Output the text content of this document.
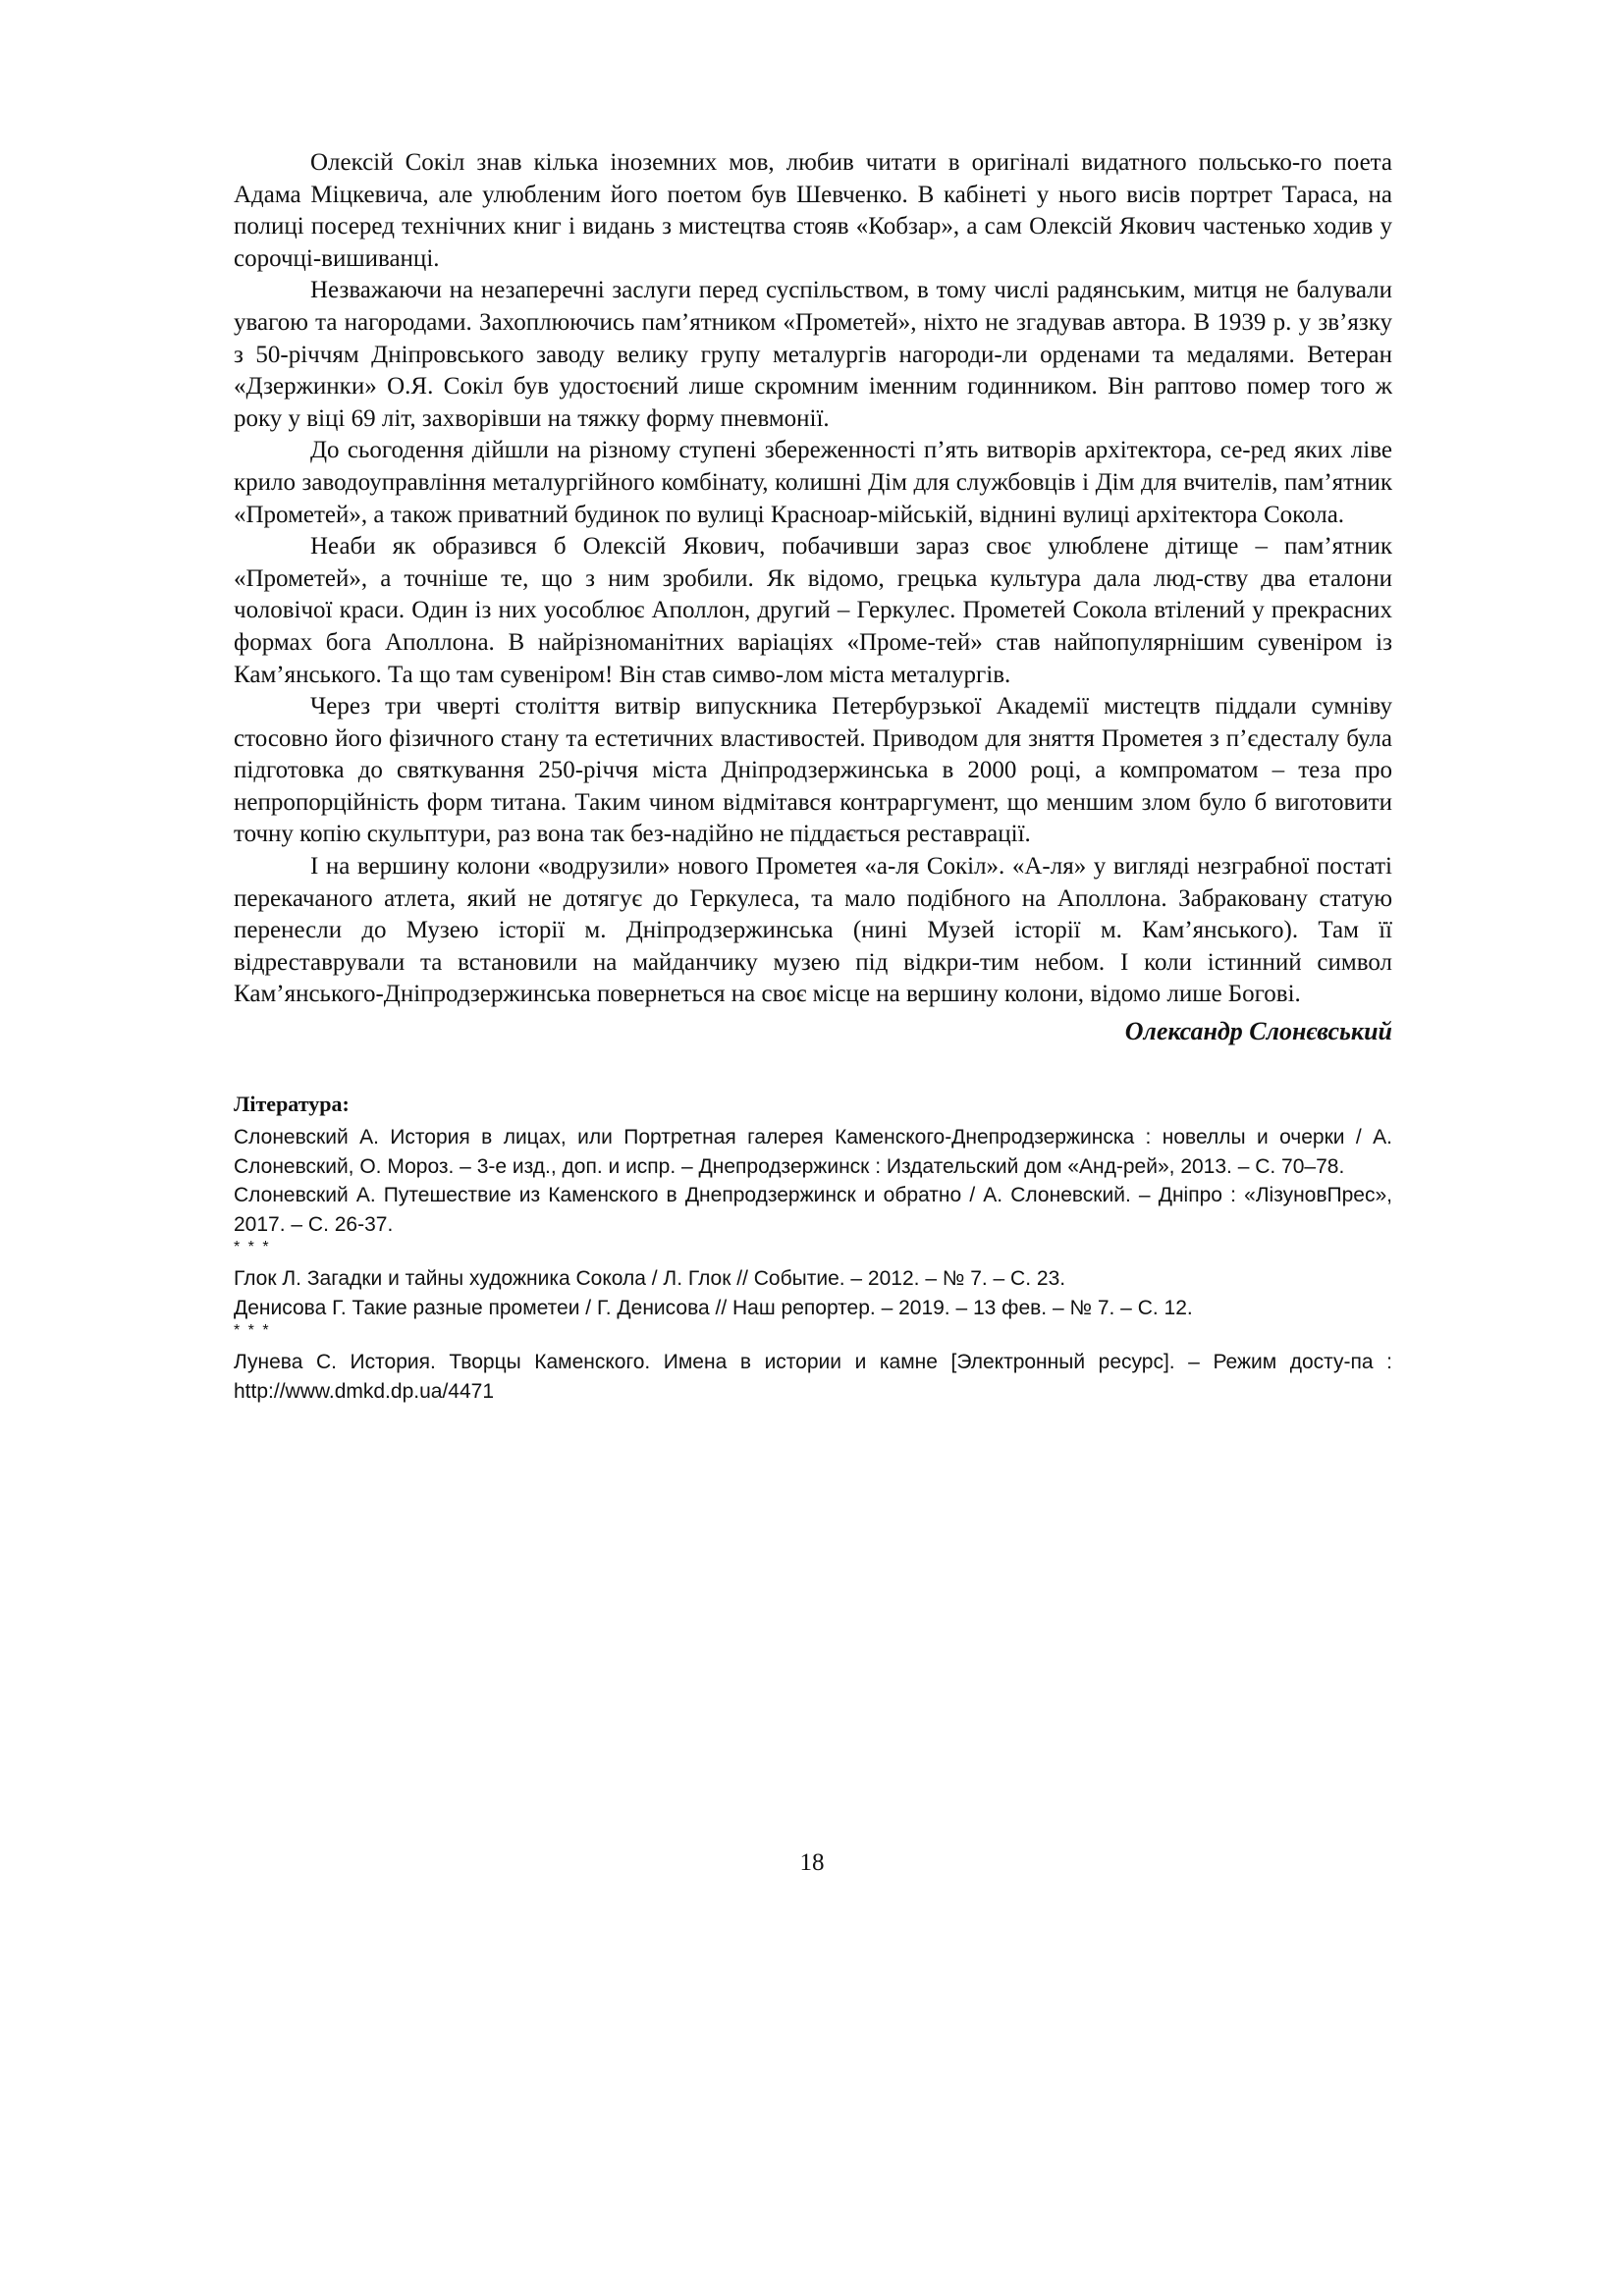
Олексій Сокіл знав кілька іноземних мов, любив читати в оригіналі видатного польсько-го поета Адама Міцкевича, але улюбленим його поетом був Шевченко. В кабінеті у нього висів портрет Тараса, на полиці посеред технічних книг і видань з мистецтва стояв «Кобзар», а сам Олексій Якович частенько ходив у сорочці-вишиванці.

Незважаючи на незаперечні заслуги перед суспільством, в тому числі радянським, митця не балували увагою та нагородами. Захоплюючись пам’ятником «Прометей», ніхто не згадував автора. В 1939 р. у зв’язку з 50-річчям Дніпровського заводу велику групу металургів нагороди-ли орденами та медалями. Ветеран «Дзержинки» О.Я. Сокіл був удостоєний лише скромним іменним годинником. Він раптово помер того ж року у віці 69 літ, захворівши на тяжку форму пневмонії.

До сьогодення дійшли на різному ступені збереженності п’ять витворів архітектора, се-ред яких ліве крило заводоуправління металургійного комбінату, колишні Дім для службовців і Дім для вчителів, пам’ятник «Прометей», а також приватний будинок по вулиці Красноар-мійській, віднині вулиці архітектора Сокола.

Неаби як образився б Олексій Якович, побачивши зараз своє улюблене дітище – пам’ятник «Прометей», а точніше те, що з ним зробили. Як відомо, грецька культура дала люд-ству два еталони чоловічої краси. Один із них уособлює Аполлон, другий – Геркулес. Прометей Сокола втілений у прекрасних формах бога Аполлона. В найрізноманітних варіаціях «Проме-тей» став найпопулярнішим сувеніром із Кам’янського. Та що там сувеніром! Він став симво-лом міста металургів.

Через три чверті століття витвір випускника Петербурзької Академії мистецтв піддали сумніву стосовно його фізичного стану та естетичних властивостей. Приводом для зняття Прометея з п’єдесталу була підготовка до святкування 250-річчя міста Дніпродзержинська в 2000 році, а компроматом – теза про непропорційність форм титана. Таким чином відмітався контраргумент, що меншим злом було б виготовити точну копію скульптури, раз вона так без-надійно не піддається реставрації.

І на вершину колони «водрузили» нового Прометея «а-ля Сокіл». «А-ля» у вигляді незграбної постаті перекачаного атлета, який не дотягує до Геркулеса, та мало подібного на Аполлона. Забраковану статую перенесли до Музею історії м. Дніпродзержинська (нині Музей історії м. Кам’янського). Там її відреставрували та встановили на майданчику музею під відкри-тим небом. І коли істинний символ Кам’янського-Дніпродзержинська повернеться на своє місце на вершину колони, відомо лише Богові.

Олександр Слонєвський

Література:

Слоневский А. История в лицах, или Портретная галерея Каменского-Днепродзержинска : новеллы и очерки / А. Слоневский, О. Мороз. – 3-е изд., доп. и испр. – Днепродзержинск : Издательский дом «Анд-рей», 2013. – С. 70–78.

Слоневский А. Путешествие из Каменского в Днепродзержинск и обратно / А. Слоневский. – Дніпро : «ЛізуновПрес», 2017. – С. 26-37.

* * *

Глок Л. Загадки и тайны художника Сокола / Л. Глок // Событие. – 2012. – № 7. – С. 23.

Денисова Г. Такие разные прометеи / Г. Денисова // Наш репортер. – 2019. – 13 фев. – № 7. – С. 12.

* * *

Лунева С. История. Творцы Каменского. Имена в истории и камне [Электронный ресурс]. – Режим досту-па : http://www.dmkd.dp.ua/4471

18
